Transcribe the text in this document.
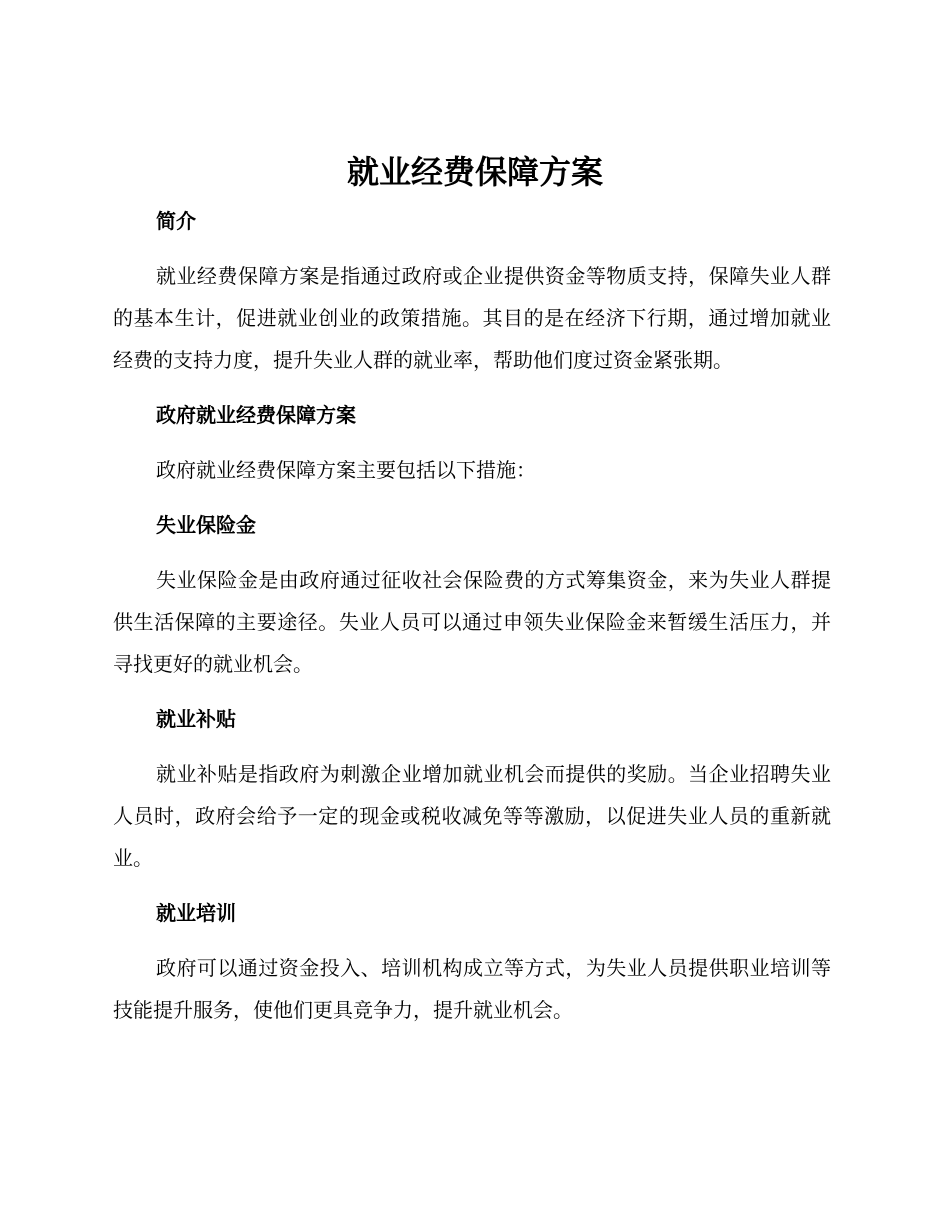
就业经费保障方案
简介

就业经费保障方案是指通过政府或企业提供资金等物质支持，保障失业人群的基本生计，促进就业创业的政策措施。其目的是在经济下行期，通过增加就业经费的支持力度，提升失业人群的就业率，帮助他们度过资金紧张期。

政府就业经费保障方案

政府就业经费保障方案主要包括以下措施：

失业保险金

失业保险金是由政府通过征收社会保险费的方式筹集资金，来为失业人群提供生活保障的主要途径。失业人员可以通过申领失业保险金来暂缓生活压力，并寻找更好的就业机会。

就业补贴

就业补贴是指政府为刺激企业增加就业机会而提供的奖励。当企业招聘失业人员时，政府会给予一定的现金或税收减免等等激励，以促进失业人员的重新就业。

就业培训

政府可以通过资金投入、培训机构成立等方式，为失业人员提供职业培训等技能提升服务，使他们更具竞争力，提升就业机会。
